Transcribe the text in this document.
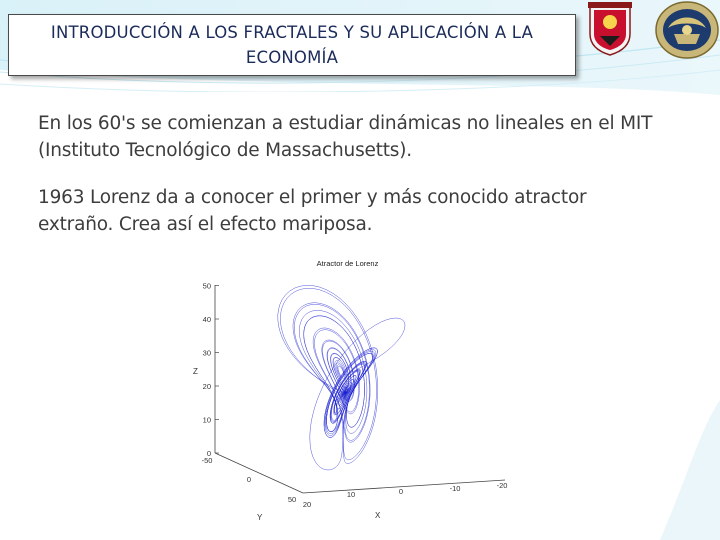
INTRODUCCIÓN A LOS FRACTALES Y SU APLICACIÓN A LA
ECONOMÍA
En los 60's se comienzan a estudiar dinámicas no lineales en el MIT (Instituto Tecnológico de Massachusetts).
1963 Lorenz da a conocer el primer y más conocido atractor extraño. Crea así el efecto mariposa.
Atractor de Lorenz
0
10
20
30
40
50
Z
-50
0
50
20
Y
10	0	-10	-20
X
